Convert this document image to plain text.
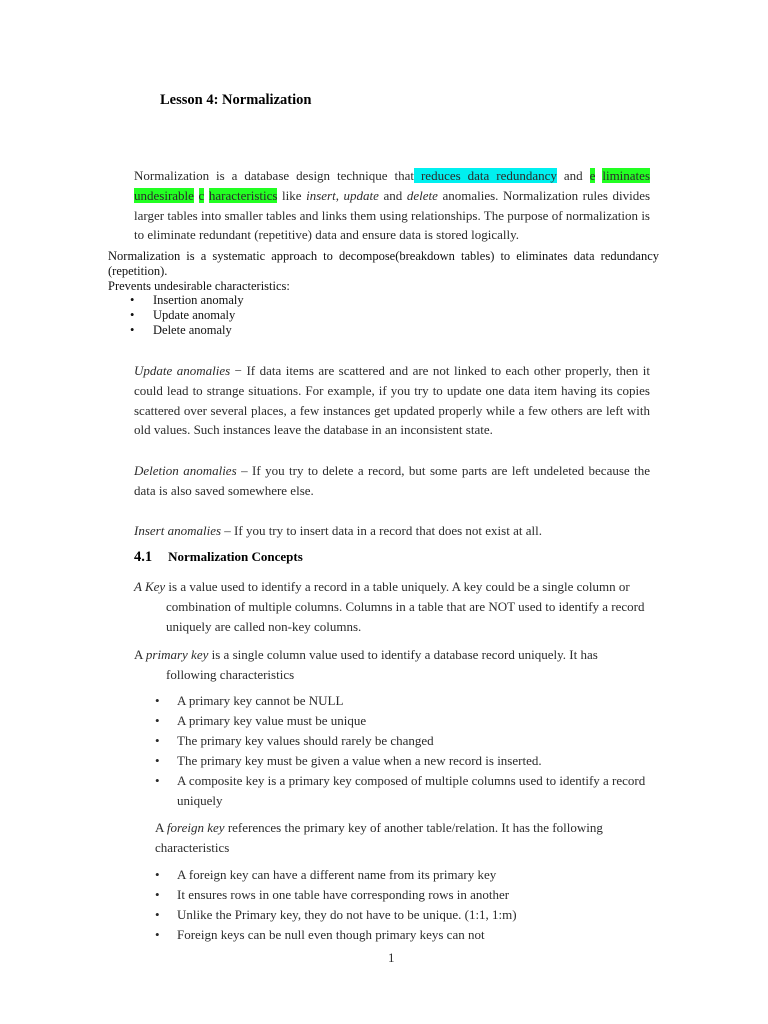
Lesson 4: Normalization
Normalization is a database design technique that reduces data redundancy and e liminates undesirable c haracteristics like insert, update and delete anomalies. Normalization rules divides larger tables into smaller tables and links them using relationships. The purpose of normalization is to eliminate redundant (repetitive) data and ensure data is stored logically.
Normalization is a systematic approach to decompose(breakdown tables) to eliminates data redundancy (repetition).
Prevents undesirable characteristics:
• Insertion anomaly
• Update anomaly
• Delete anomaly
Update anomalies − If data items are scattered and are not linked to each other properly, then it could lead to strange situations. For example, if you try to update one data item having its copies scattered over several places, a few instances get updated properly while a few others are left with old values. Such instances leave the database in an inconsistent state.
Deletion anomalies – If you try to delete a record, but some parts are left undeleted because the data is also saved somewhere else.
Insert anomalies – If you try to insert data in a record that does not exist at all.
4.1 Normalization Concepts
A Key is a value used to identify a record in a table uniquely. A key could be a single column or
combination of multiple columns. Columns in a table that are NOT used to identify a record uniquely are called non-key columns.
A primary key is a single column value used to identify a database record uniquely. It has
following characteristics
• A primary key cannot be NULL
• A primary key value must be unique
• The primary key values should rarely be changed
• The primary key must be given a value when a new record is inserted.
• A composite key is a primary key composed of multiple columns used to identify a record uniquely
A foreign key references the primary key of another table/relation. It has the following characteristics
• A foreign key can have a different name from its primary key
• It ensures rows in one table have corresponding rows in another
• Unlike the Primary key, they do not have to be unique. (1:1, 1:m)
• Foreign keys can be null even though primary keys can not
1
